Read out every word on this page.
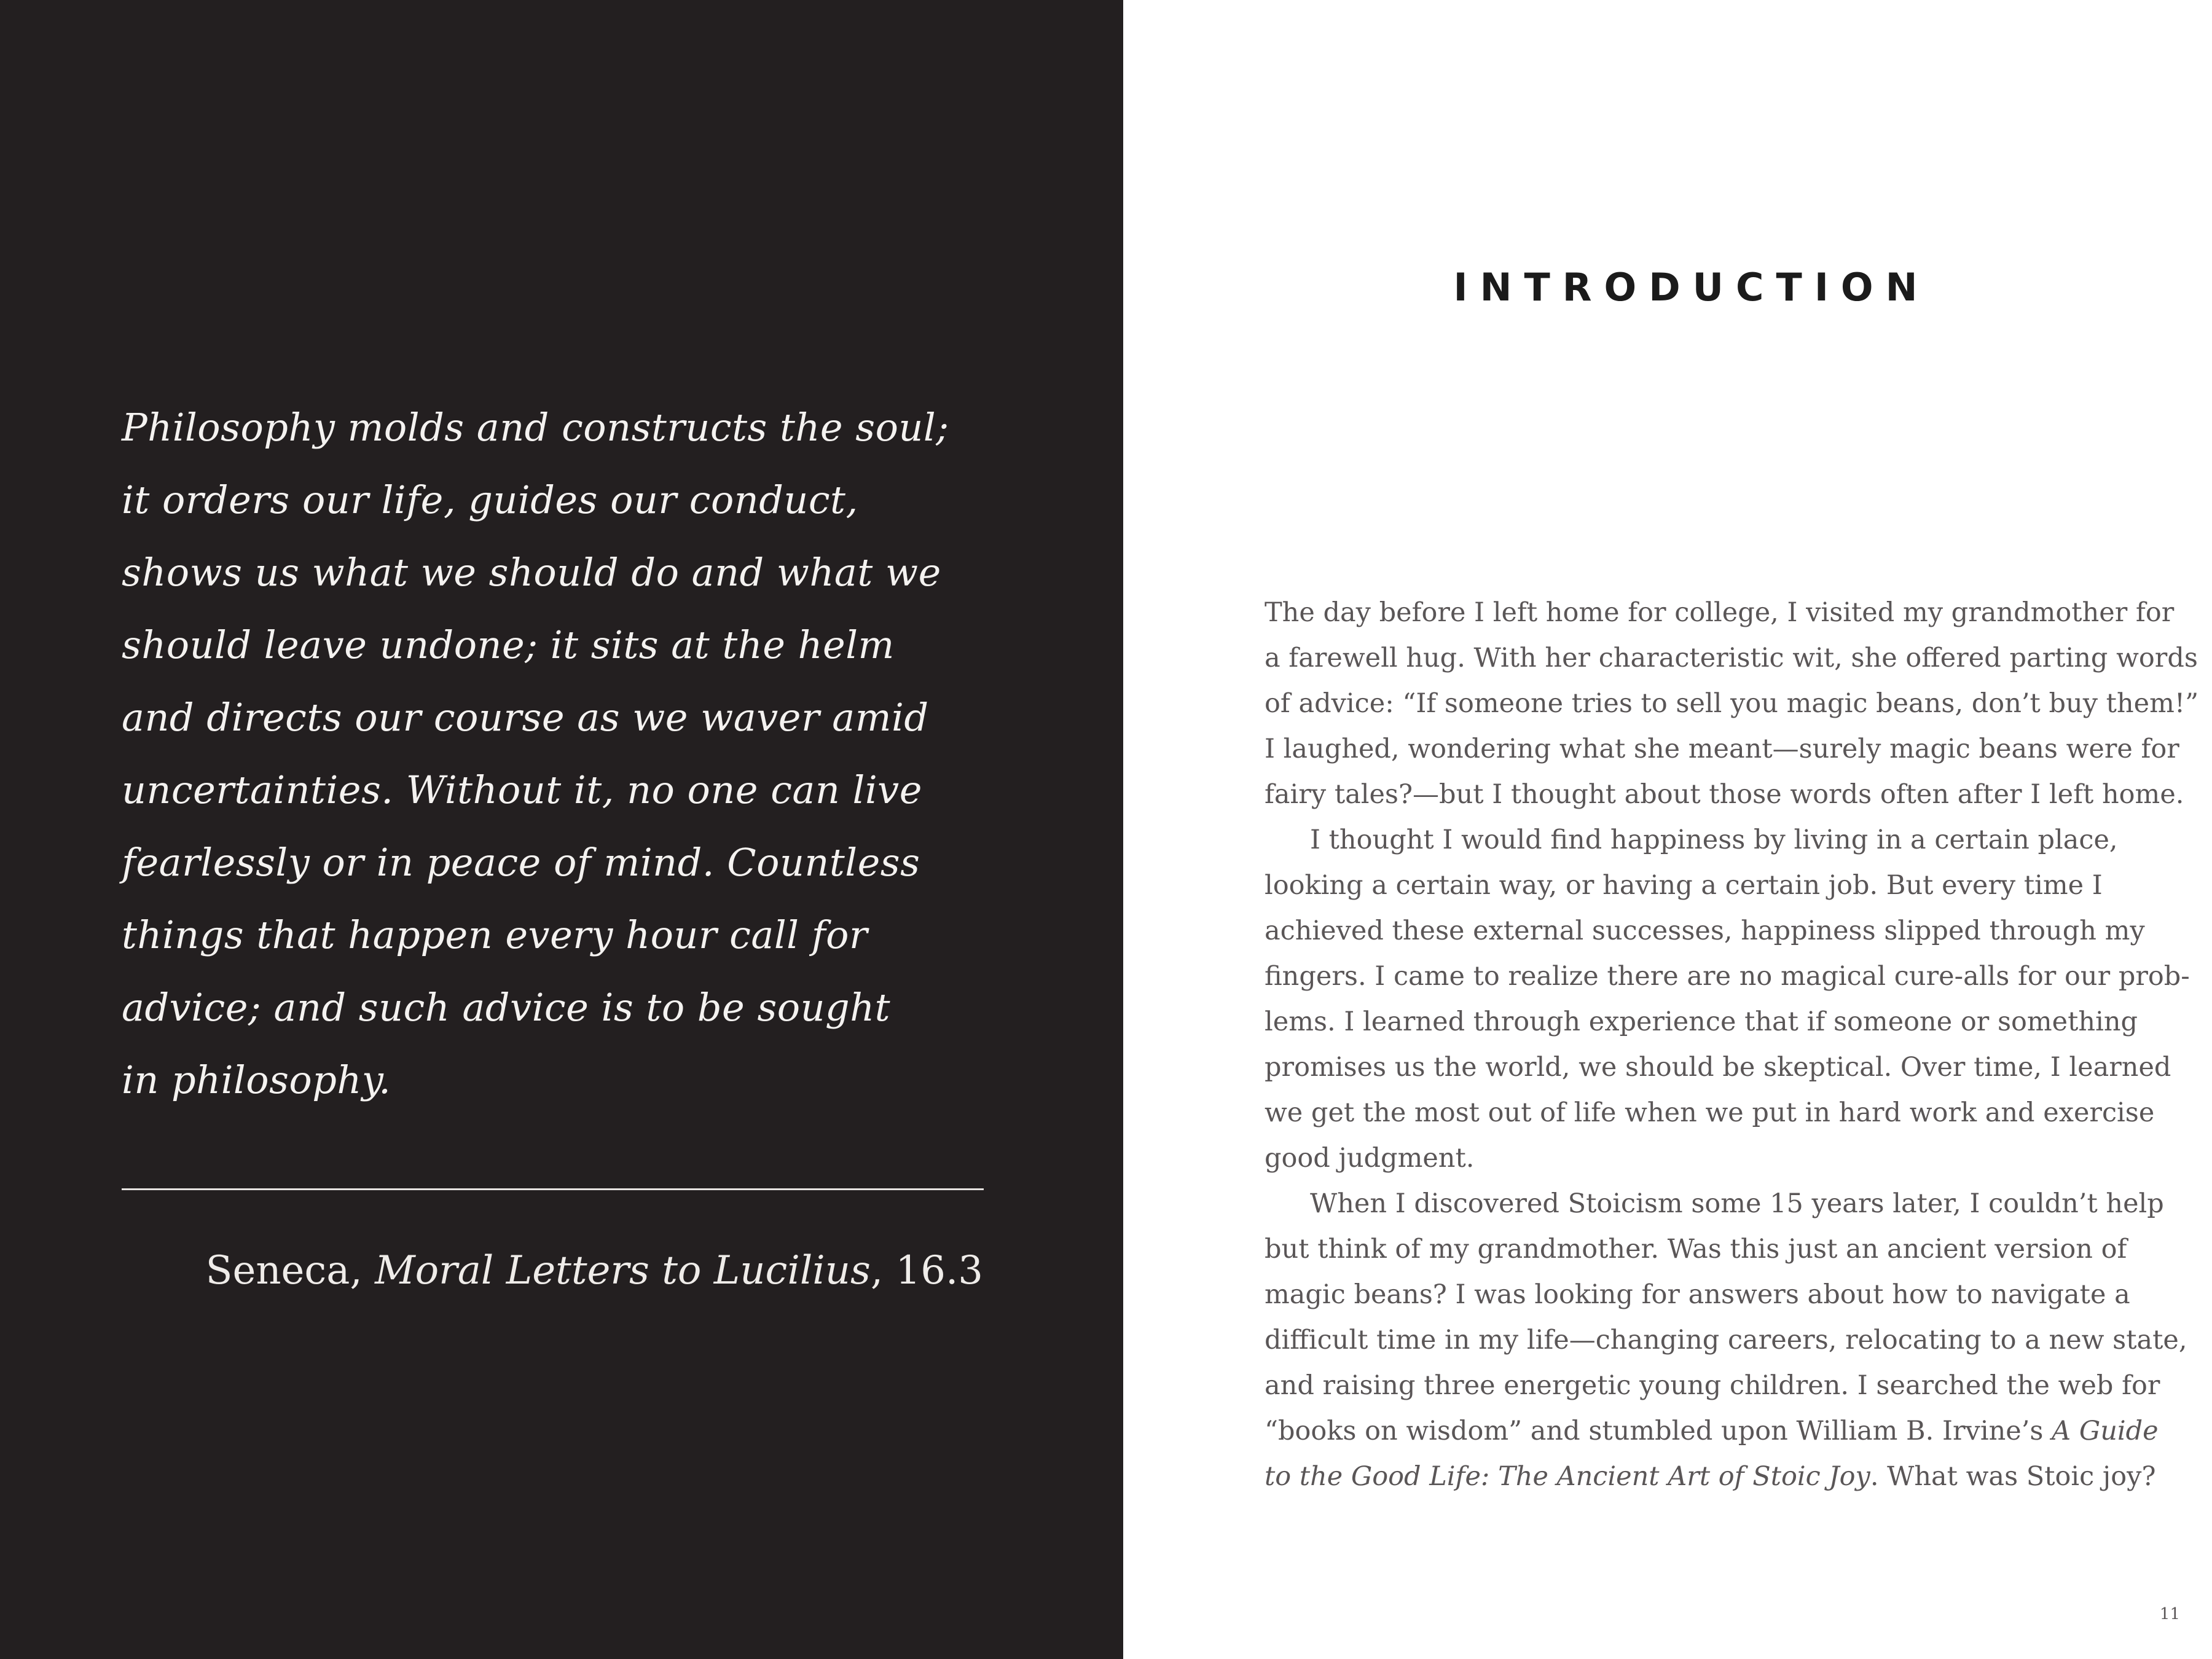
Philosophy molds and constructs the soul;
it orders our life, guides our conduct,
shows us what we should do and what we
should leave undone; it sits at the helm
and directs our course as we waver amid
uncertainties. Without it, no one can live
fearlessly or in peace of mind. Countless
things that happen every hour call for
advice; and such advice is to be sought
in philosophy.

Seneca, Moral Letters to Lucilius, 16.3
INTRODUCTION
The day before I left home for college, I visited my grandmother for
a farewell hug. With her characteristic wit, she offered parting words
of advice: “If someone tries to sell you magic beans, don’t buy them!”
I laughed, wondering what she meant—surely magic beans were for
fairy tales?—but I thought about those words often after I left home.
I thought I would find happiness by living in a certain place,
looking a certain way, or having a certain job. But every time I
achieved these external successes, happiness slipped through my
fingers. I came to realize there are no magical cure-alls for our prob-
lems. I learned through experience that if someone or something
promises us the world, we should be skeptical. Over time, I learned
we get the most out of life when we put in hard work and exercise
good judgment.
When I discovered Stoicism some 15 years later, I couldn’t help
but think of my grandmother. Was this just an ancient version of
magic beans? I was looking for answers about how to navigate a
difficult time in my life—changing careers, relocating to a new state,
and raising three energetic young children. I searched the web for
“books on wisdom” and stumbled upon William B. Irvine’s A Guide
to the Good Life: The Ancient Art of Stoic Joy. What was Stoic joy?
11
